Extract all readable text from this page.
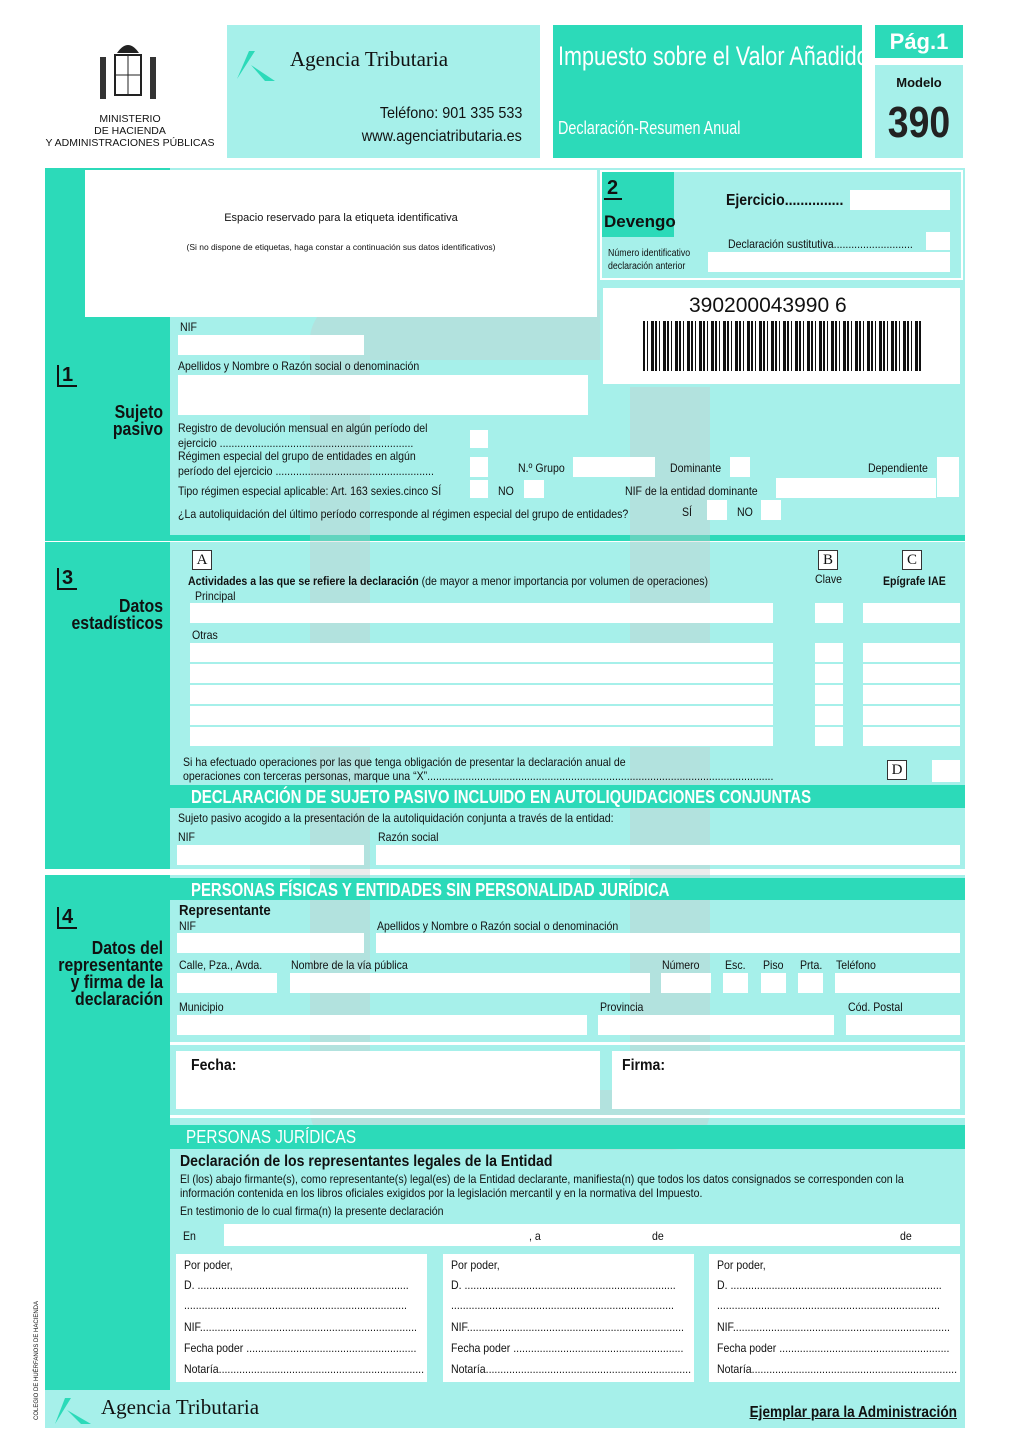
MINISTERIO
DE HACIENDA
Y ADMINISTRACIONES PÚBLICAS
Agencia Tributaria
Teléfono: 901 335 533
www.agenciatributaria.es
Impuesto sobre el Valor Añadido
Declaración-Resumen Anual
Pág.1
Modelo
390
Espacio reservado para la etiqueta identificativa
(Si no dispone de etiquetas, haga constar a continuación sus datos identificativos)
2
Devengo
Ejercicio...............
Declaración sustitutiva...........................
Número identificativo
declaración anterior
390200043990 6
1
Sujeto
pasivo
NIF
Apellidos y Nombre o Razón social o denominación
Registro de devolución mensual en algún período del
ejercicio ..................................................................
Régimen especial del grupo de entidades en algún
período del ejercicio ......................................................	N.º Grupo	Dominante	Dependiente
Tipo régimen especial aplicable: Art. 163 sexies.cinco SÍ	NO	NIF de la entidad dominante
¿La autoliquidación del último período corresponde al régimen especial del grupo de entidades?	SÍ	NO
3
Datos
estadísticos
A	B	C
Actividades a las que se refiere la declaración (de mayor a menor importancia por volumen de operaciones)	Clave	Epígrafe IAE
Principal
Otras
Si ha efectuado operaciones por las que tenga obligación de presentar la declaración anual de
operaciones con terceras personas, marque una “X”......................................................................................................................	D
DECLARACIÓN DE SUJETO PASIVO INCLUIDO EN AUTOLIQUIDACIONES CONJUNTAS
Sujeto pasivo acogido a la presentación de la autoliquidación conjunta a través de la entidad:
NIF	Razón social
4
Datos del
representante
y firma de la
declaración
PERSONAS FÍSICAS Y ENTIDADES SIN PERSONALIDAD JURÍDICA
Representante
NIF	Apellidos y Nombre o Razón social o denominación
Calle, Pza., Avda. Nombre de la vía pública	Número Esc. Piso Prta. Teléfono
Municipio	Provincia	Cód. Postal
Fecha:	Firma:
PERSONAS JURÍDICAS
Declaración de los representantes legales de la Entidad
El (los) abajo firmante(s), como representante(s) legal(es) de la Entidad declarante, manifiesta(n) que todos los datos consignados se corresponden con la
información contenida en los libros oficiales exigidos por la legislación mercantil y en la normativa del Impuesto.
En testimonio de lo cual firma(n) la presente declaración
En	, a	de	de
Por poder,
D. ........................................................................
............................................................................
NIF..........................................................................
Fecha poder ..........................................................
Notaría......................................................................
Por poder,
D. ........................................................................
............................................................................
NIF..........................................................................
Fecha poder ..........................................................
Notaría......................................................................
Por poder,
D. ........................................................................
............................................................................
NIF..........................................................................
Fecha poder ..........................................................
Notaría......................................................................
Agencia Tributaria	Ejemplar para la Administración
COLEGIO DE HUÉRFANOS DE HACIENDA
